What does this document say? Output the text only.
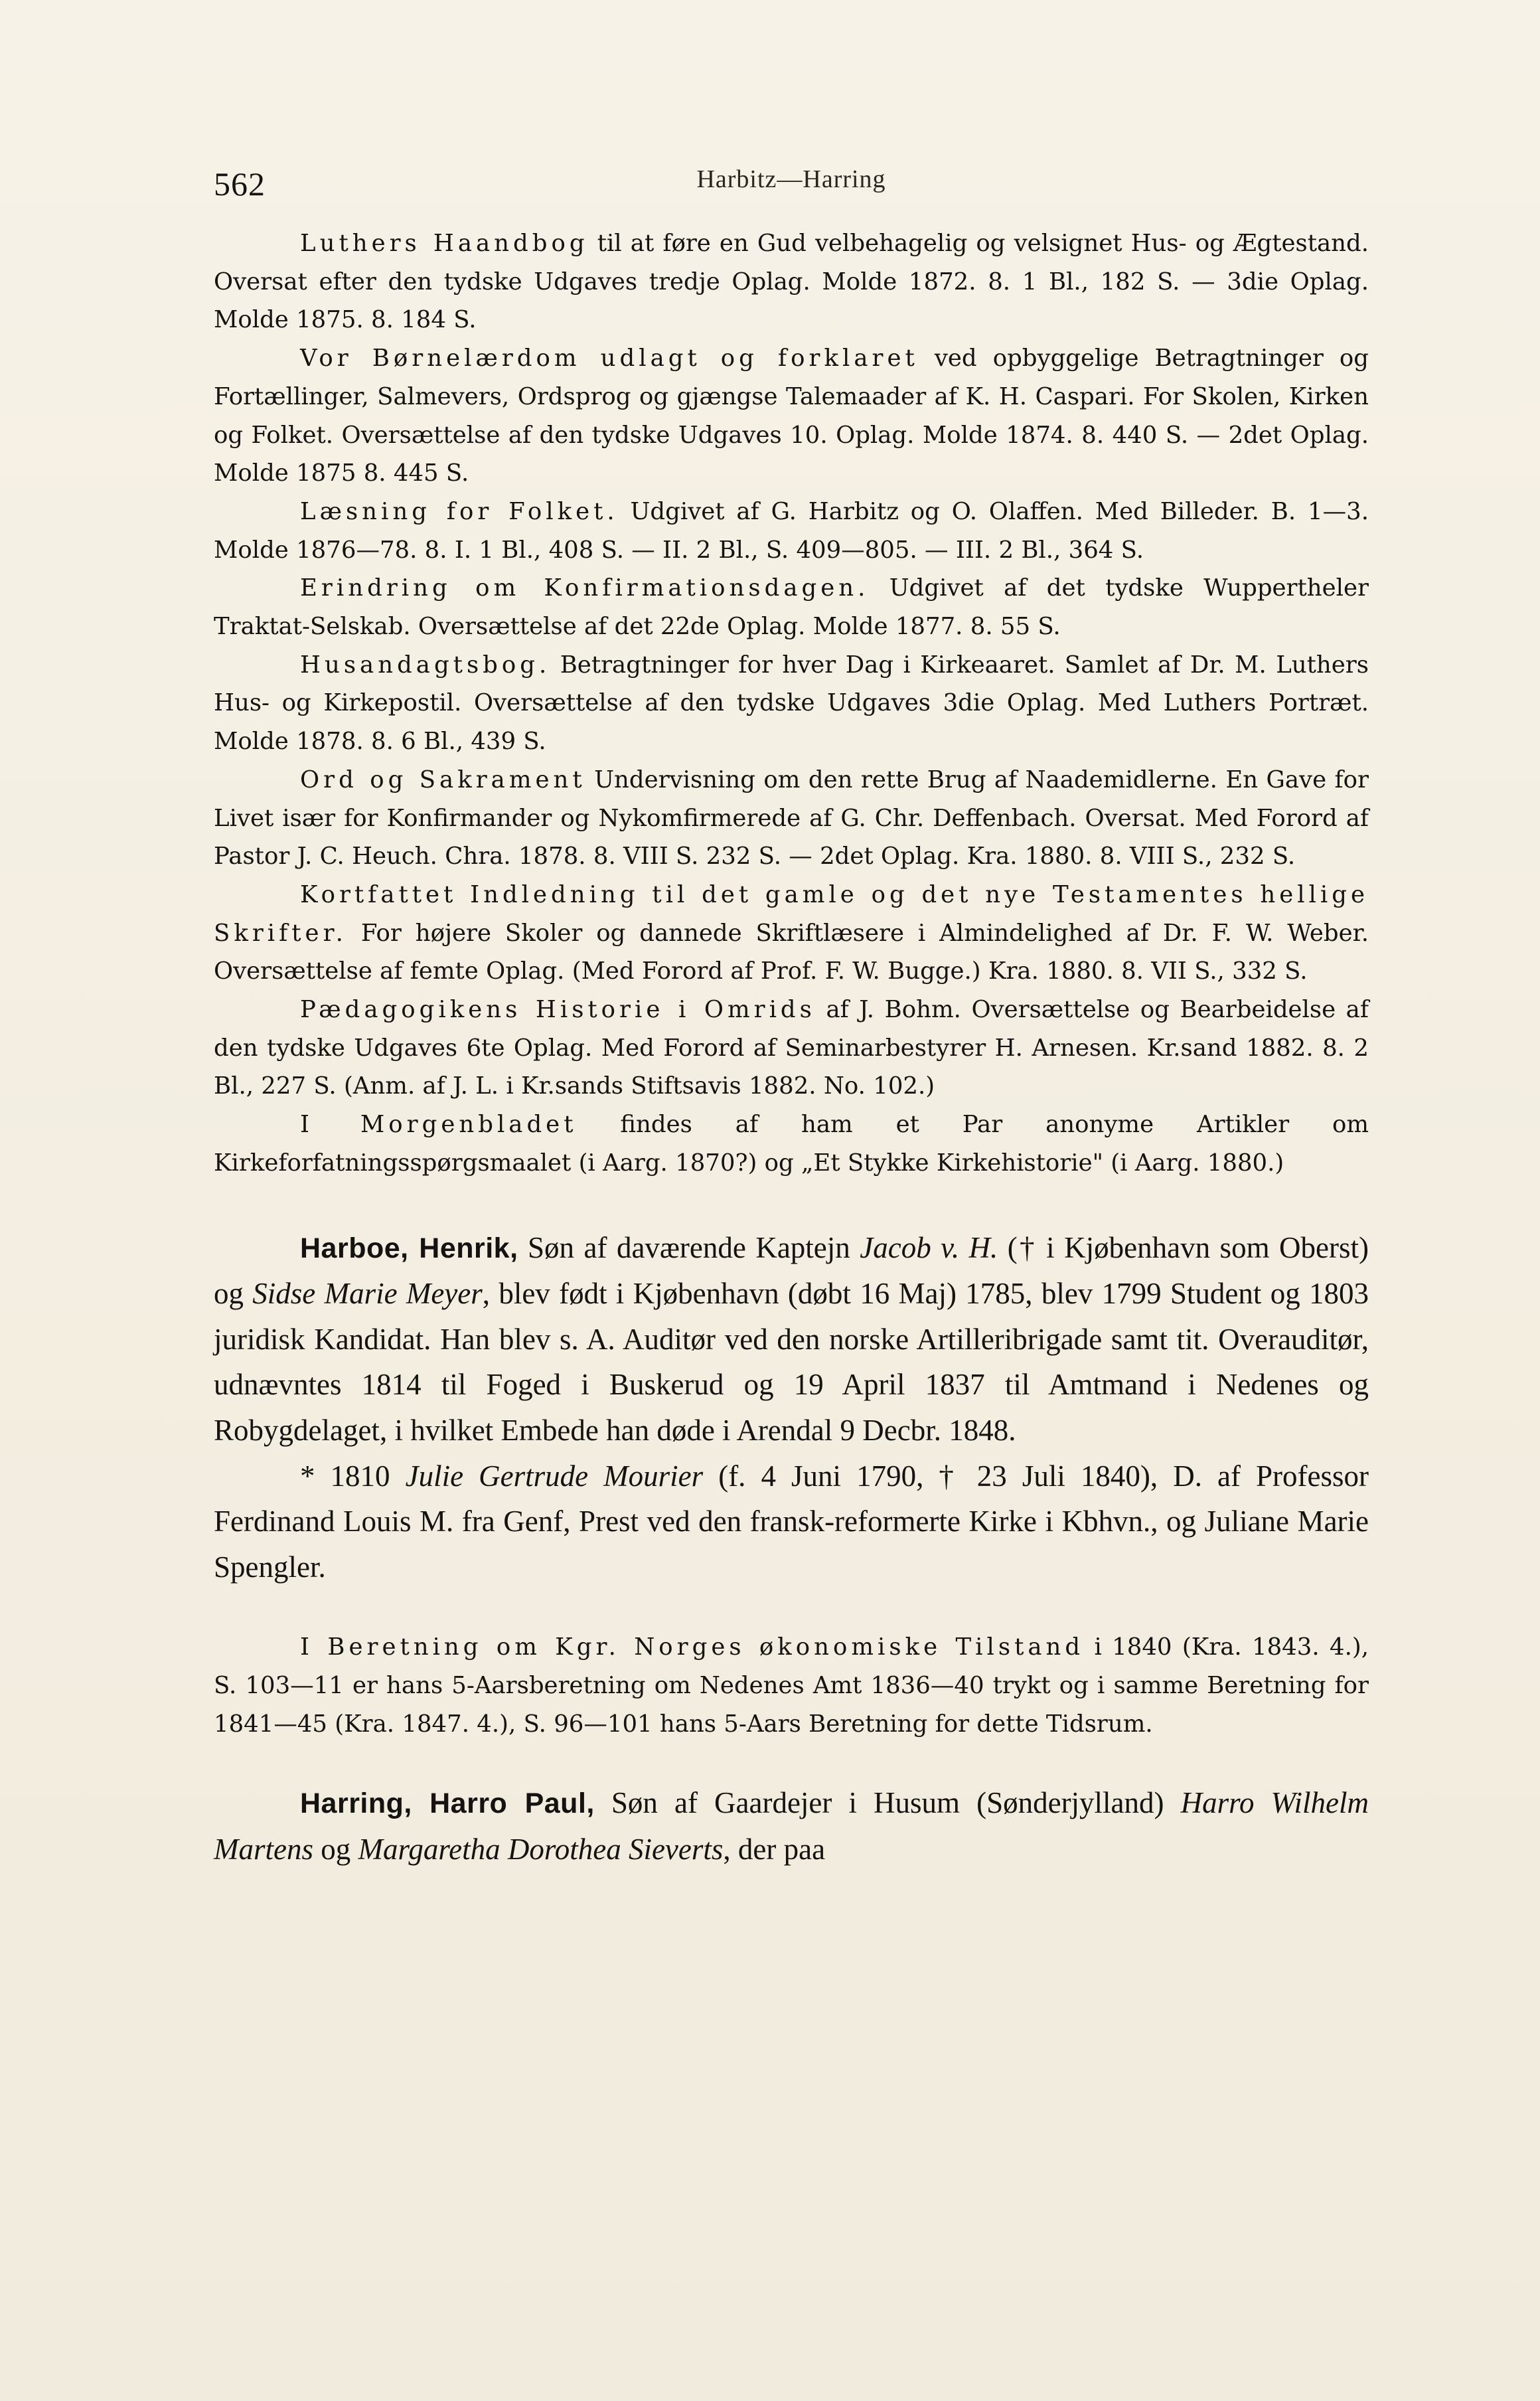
562	Harbitz—Harring

Luthers Haandbog til at føre en Gud velbehagelig og velsignet Hus- og Ægtestand. Oversat efter den tydske Udgaves tredje Oplag. Molde 1872. 8. 1 Bl., 182 S. — 3die Oplag. Molde 1875. 8. 184 S.

Vor Børnelærdom udlagt og forklaret ved opbyggelige Betragtninger og Fortællinger, Salmevers, Ordsprog og gjængse Talemaader af K. H. Caspari. For Skolen, Kirken og Folket. Oversættelse af den tydske Udgaves 10. Oplag. Molde 1874. 8. 440 S. — 2det Oplag. Molde 1875 8. 445 S.

Læsning for Folket. Udgivet af G. Harbitz og O. Olaffen. Med Billeder. B. 1—3. Molde 1876—78. 8. I. 1 Bl., 408 S. — II. 2 Bl., S. 409—805. — III. 2 Bl., 364 S.

Erindring om Konfirmationsdagen. Udgivet af det tydske Wuppertheler Traktat-Selskab. Oversættelse af det 22de Oplag. Molde 1877. 8. 55 S.

Husandagtsbog. Betragtninger for hver Dag i Kirkeaaret. Samlet af Dr. M. Luthers Hus- og Kirkepostil. Oversættelse af den tydske Udgaves 3die Oplag. Med Luthers Portræt. Molde 1878. 8. 6 Bl., 439 S.

Ord og Sakrament Undervisning om den rette Brug af Naademidlerne. En Gave for Livet især for Konfirmander og Nykomfirmerede af G. Chr. Deffenbach. Oversat. Med Forord af Pastor J. C. Heuch. Chra. 1878. 8. VIII S. 232 S. — 2det Oplag. Kra. 1880. 8. VIII S., 232 S.

Kortfattet Indledning til det gamle og det nye Testamentes hellige Skrifter. For højere Skoler og dannede Skriftlæsere i Almindelighed af Dr. F. W. Weber. Oversættelse af femte Oplag. (Med Forord af Prof. F. W. Bugge.) Kra. 1880. 8. VII S., 332 S.

Pædagogikens Historie i Omrids af J. Bohm. Oversættelse og Bearbeidelse af den tydske Udgaves 6te Oplag. Med Forord af Seminarbestyrer H. Arnesen. Kr.sand 1882. 8. 2 Bl., 227 S. (Anm. af J. L. i Kr.sands Stiftsavis 1882. No. 102.)

I Morgenbladet findes af ham et Par anonyme Artikler om Kirkeforfatningsspørgsmaalet (i Aarg. 1870?) og „Et Stykke Kirkehistorie" (i Aarg. 1880.)

Harboe, Henrik, Søn af daværende Kaptejn Jacob v. H. († i Kjøbenhavn som Oberst) og Sidse Marie Meyer, blev født i Kjøbenhavn (døbt 16 Maj) 1785, blev 1799 Student og 1803 juridisk Kandidat. Han blev s. A. Auditør ved den norske Artilleribrigade samt tit. Overauditør, udnævntes 1814 til Foged i Buskerud og 19 April 1837 til Amtmand i Nedenes og Robygdelaget, i hvilket Embede han døde i Arendal 9 Decbr. 1848.

* 1810 Julie Gertrude Mourier (f. 4 Juni 1790, † 23 Juli 1840), D. af Professor Ferdinand Louis M. fra Genf, Prest ved den fransk-reformerte Kirke i Kbhvn., og Juliane Marie Spengler.

I Beretning om Kgr. Norges økonomiske Tilstand i 1840 (Kra. 1843. 4.), S. 103—11 er hans 5-Aarsberetning om Nedenes Amt 1836—40 trykt og i samme Beretning for 1841—45 (Kra. 1847. 4.), S. 96—101 hans 5-Aars Beretning for dette Tidsrum.

Harring, Harro Paul, Søn af Gaardejer i Husum (Sønderjylland) Harro Wilhelm Martens og Margaretha Dorothea Sieverts, der paa
